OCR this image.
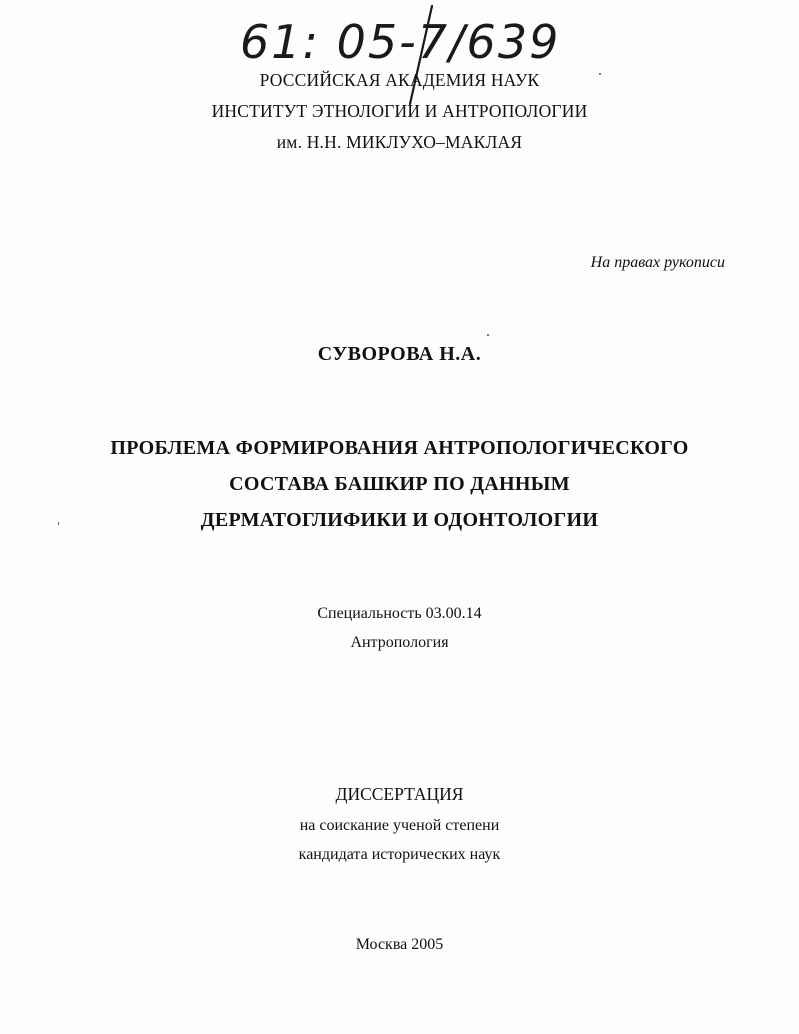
61: 05-7/639
РОССИЙСКАЯ АКАДЕМИЯ НАУК
ИНСТИТУТ ЭТНОЛОГИИ И АНТРОПОЛОГИИ
им. Н.Н. МИКЛУХО–МАКЛАЯ
На правах рукописи
СУВОРОВА Н.А.
ПРОБЛЕМА ФОРМИРОВАНИЯ АНТРОПОЛОГИЧЕСКОГО
СОСТАВА БАШКИР ПО ДАННЫМ
ДЕРМАТОГЛИФИКИ И ОДОНТОЛОГИИ
Специальность 03.00.14
Антропология
ДИССЕРТАЦИЯ
на соискание ученой степени
кандидата исторических наук
Москва 2005
